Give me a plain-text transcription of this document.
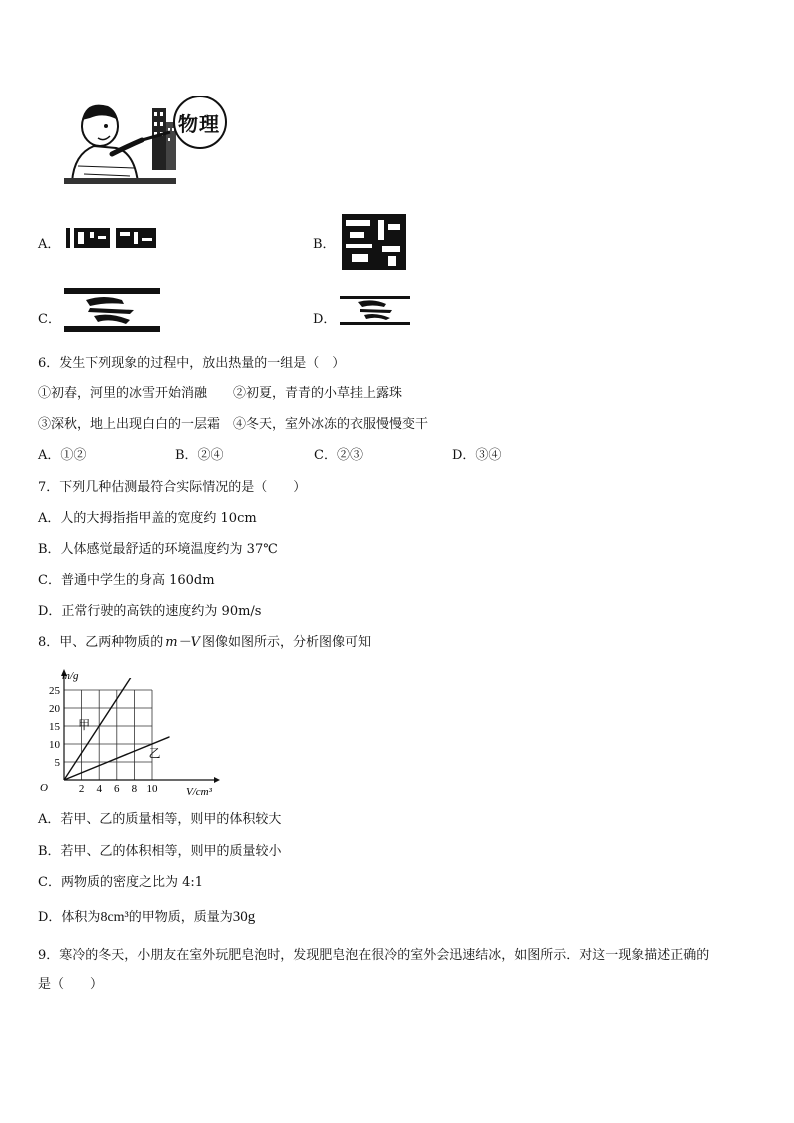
物理
A．	B．
C．	D．
6．发生下列现象的过程中，放出热量的一组是（　）
①初春，河里的冰雪开始消融　　②初夏，青青的小草挂上露珠
③深秋，地上出现白白的一层霜　④冬天，室外冰冻的衣服慢慢变干
A．①②	B．②④	C．②③	D．③④
7．下列几种估测最符合实际情况的是（　　）
A．人的大拇指指甲盖的宽度约 10cm
B．人体感觉最舒适的环境温度约为 37℃
C．普通中学生的身高 160dm
D．正常行驶的高铁的速度约为 90m/s
8．甲、乙两种物质的 m－V 图像如图所示，分析图像可知
甲
乙
2 4 6 8 10
5
10
15
20
25
m/g
V/cm³
O
A．若甲、乙的质量相等，则甲的体积较大
B．若甲、乙的体积相等，则甲的质量较小
C．两物质的密度之比为 4:1
D．体积为8cm³的甲物质，质量为30g
9．寒冷的冬天，小朋友在室外玩肥皂泡时，发现肥皂泡在很冷的室外会迅速结冰，如图所示．对这一现象描述正确的
是（　　）
